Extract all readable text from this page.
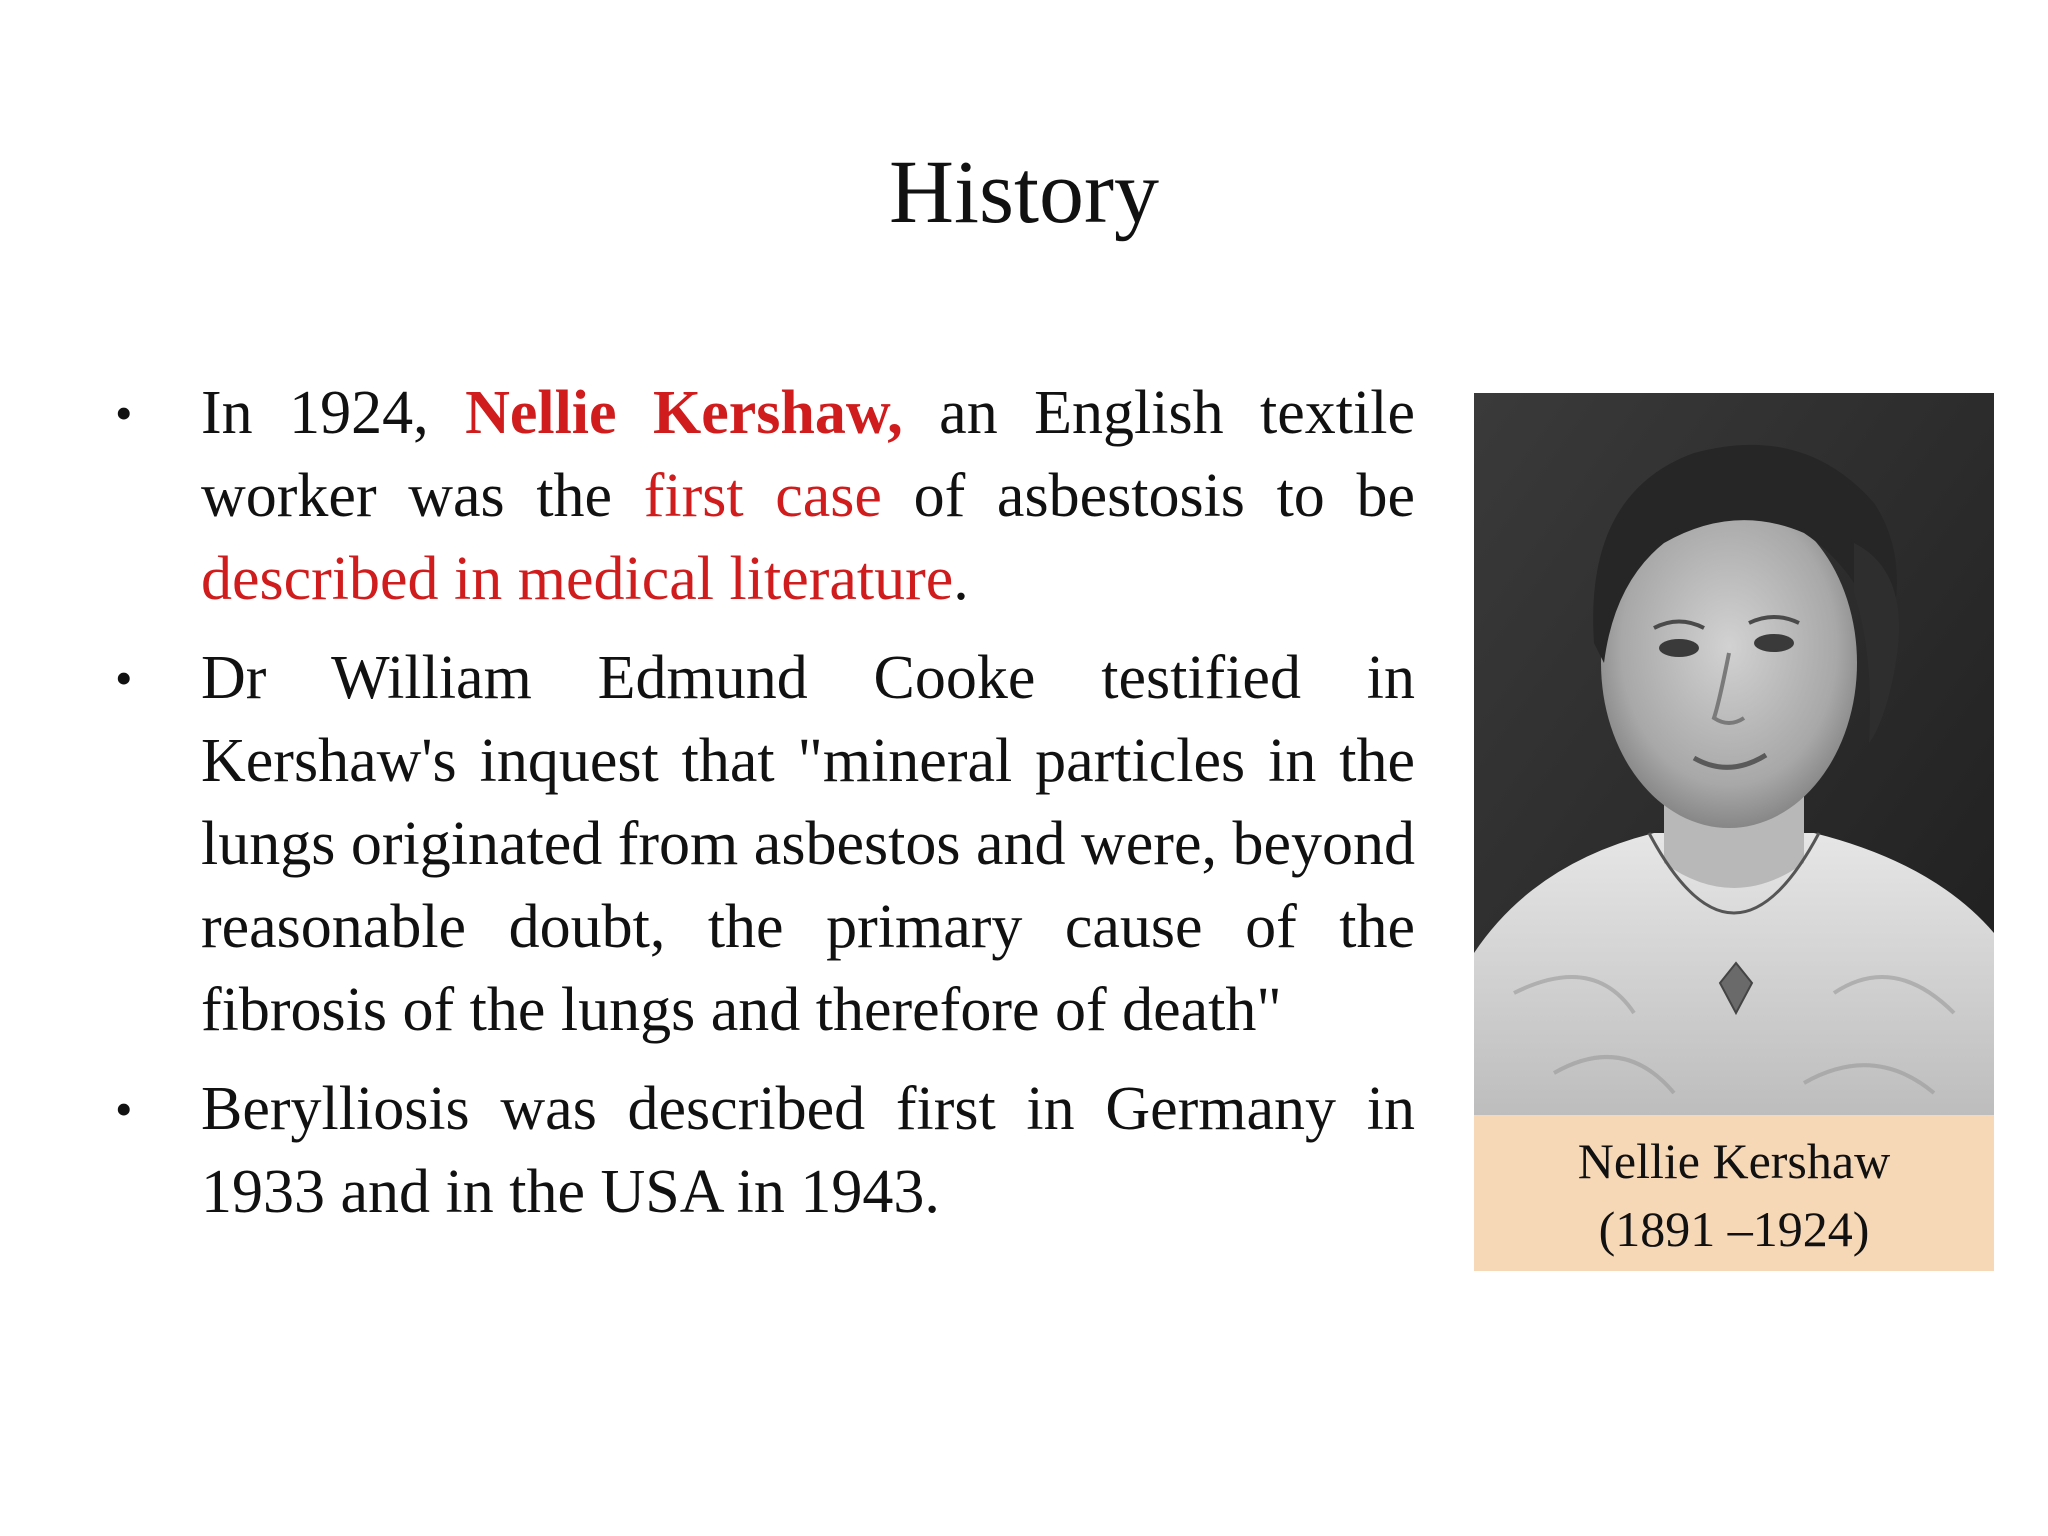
History
• In 1924, Nellie Kershaw, an English textile worker was the first case of asbestosis to be described in medical literature.
• Dr William Edmund Cooke testified in Kershaw's inquest that "mineral particles in the lungs originated from asbestos and were, beyond reasonable doubt, the primary cause of the fibrosis of the lungs and therefore of death"
• Berylliosis was described first in Germany in 1933 and in the USA in 1943.	Nellie Kershaw
(1891 –1924)
